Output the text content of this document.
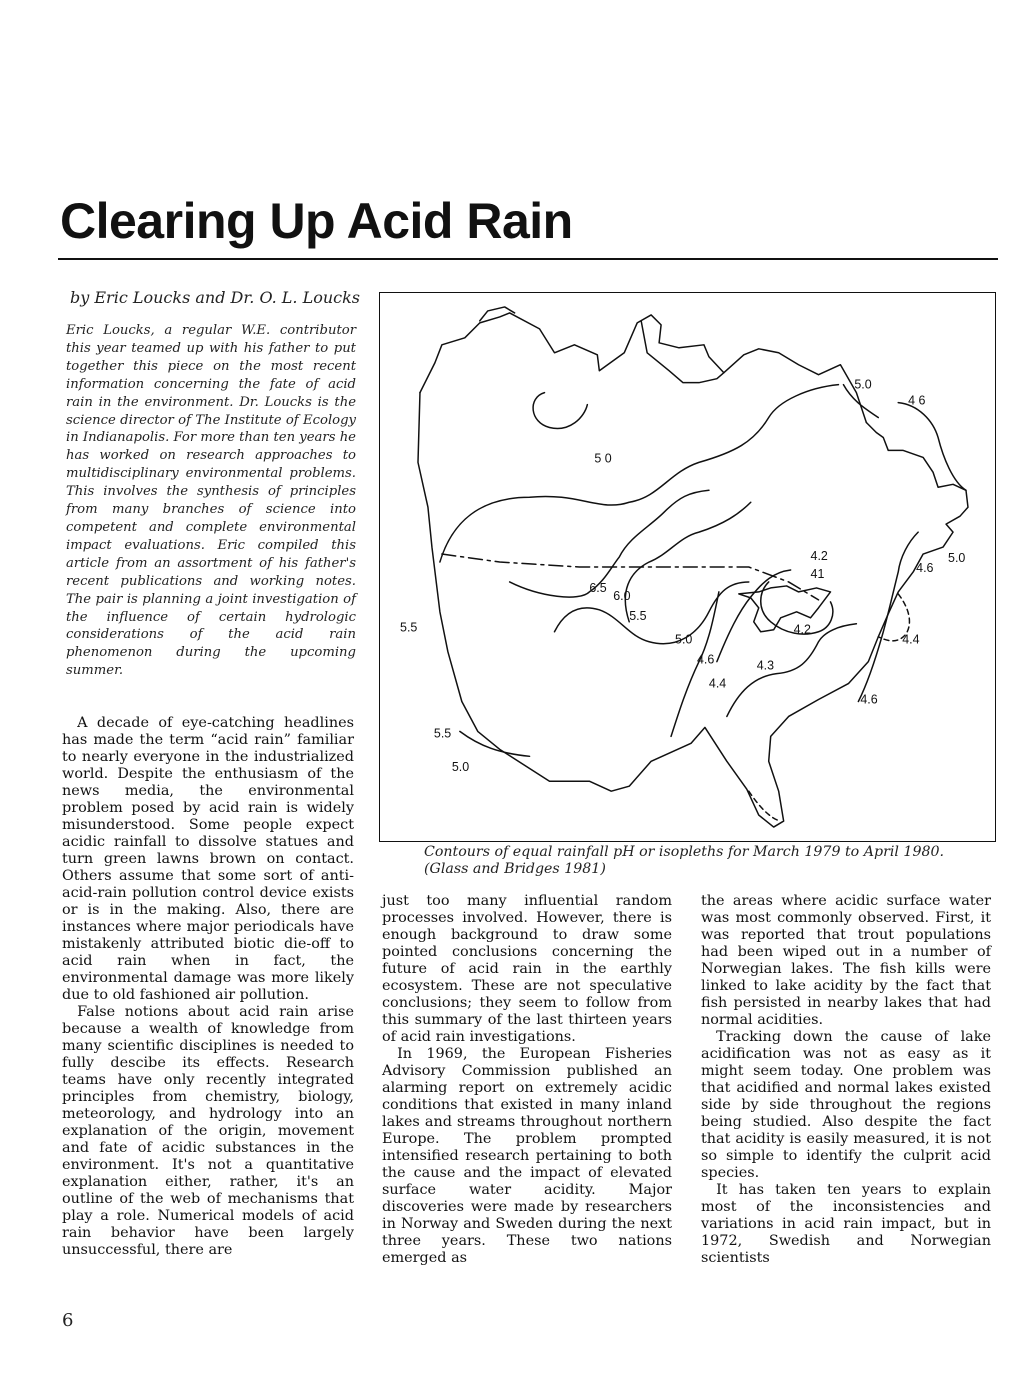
Clearing Up Acid Rain
by Eric Loucks and Dr. O. L. Loucks

Eric Loucks, a regular W.E. contributor this year teamed up with his father to put together this piece on the most recent information concerning the fate of acid rain in the environment. Dr. Loucks is the science director of The Institute of Ecology in Indianapolis. For more than ten years he has worked on research approaches to multidisciplinary environmental problems. This involves the synthesis of principles from many branches of science into competent and complete environmental impact evaluations. Eric compiled this article from an assortment of his father's recent publications and working notes. The pair is planning a joint investigation of the influence of certain hydrologic considerations of the acid rain phenomenon during the upcoming summer.

A decade of eye-catching headlines has made the term “acid rain” familiar to nearly everyone in the industrialized world. Despite the enthusiasm of the news media, the environmental problem posed by acid rain is widely misunderstood. Some people expect acidic rainfall to dissolve statues and turn green lawns brown on contact. Others assume that some sort of anti-acid-rain pollution control device exists or is in the making. Also, there are instances where major periodicals have mistakenly attributed biotic die-off to acid rain when in fact, the environmental damage was more likely due to old fashioned air pollution.

False notions about acid rain arise because a wealth of knowledge from many scientific disciplines is needed to fully descibe its effects. Research teams have only recently integrated principles from chemistry, biology, meteorology, and hydrology into an explanation of the origin, movement and fate of acidic substances in the environment. It's not a quantitative explanation either, rather, it's an outline of the web of mechanisms that play a role. Numerical models of acid rain behavior have been largely unsuccessful, there are

5.0
4 6
5 0
4.2
41	4.6
5.0
6.5
6.0
5.5
4.2
4.4
5.5
5.0
4.6	4.3
4.4
4.6
5.5
5.0

Contours of equal rainfall pH or isopleths for March 1979 to April 1980. (Glass and Bridges 1981)

just too many influential random processes involved. However, there is enough background to draw some pointed conclusions concerning the future of acid rain in the earthly ecosystem. These are not speculative conclusions; they seem to follow from this summary of the last thirteen years of acid rain investigations.

In 1969, the European Fisheries Advisory Commission published an alarming report on extremely acidic conditions that existed in many inland lakes and streams throughout northern Europe. The problem prompted intensified research pertaining to both the cause and the impact of elevated surface water acidity. Major discoveries were made by researchers in Norway and Sweden during the next three years. These two nations emerged as

the areas where acidic surface water was most commonly observed. First, it was reported that trout populations had been wiped out in a number of Norwegian lakes. The fish kills were linked to lake acidity by the fact that fish persisted in nearby lakes that had normal acidities.

Tracking down the cause of lake acidification was not as easy as it might seem today. One problem was that acidified and normal lakes existed side by side throughout the regions being studied. Also despite the fact that acidity is easily measured, it is not so simple to identify the culprit acid species.

It has taken ten years to explain most of the inconsistencies and variations in acid rain impact, but in 1972, Swedish and Norwegian scientists

6
